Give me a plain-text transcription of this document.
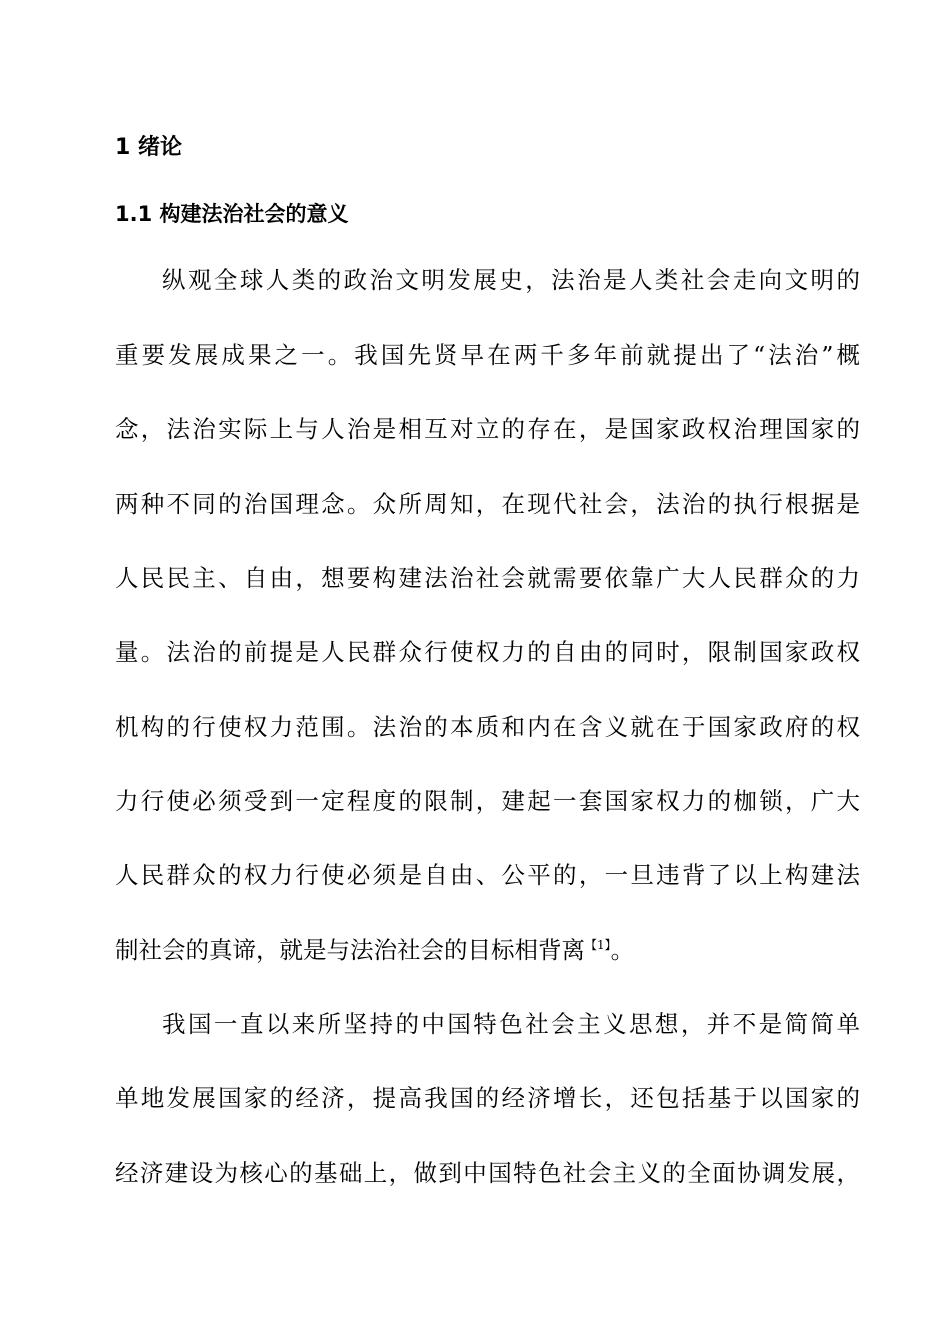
1 绪论
1.1 构建法治社会的意义
纵观全球人类的政治文明发展史，法治是人类社会走向文明的
重要发展成果之一。我国先贤早在两千多年前就提出了“法治”概
念，法治实际上与人治是相互对立的存在，是国家政权治理国家的
两种不同的治国理念。众所周知，在现代社会，法治的执行根据是
人民民主、自由，想要构建法治社会就需要依靠广大人民群众的力
量。法治的前提是人民群众行使权力的自由的同时，限制国家政权
机构的行使权力范围。法治的本质和内在含义就在于国家政府的权
力行使必须受到一定程度的限制，建起一套国家权力的枷锁，广大
人民群众的权力行使必须是自由、公平的，一旦违背了以上构建法
制社会的真谛，就是与法治社会的目标相背离$^{【1】}$。
我国一直以来所坚持的中国特色社会主义思想，并不是简简单
单地发展国家的经济，提高我国的经济增长，还包括基于以国家的
经济建设为核心的基础上，做到中国特色社会主义的全面协调发展，
